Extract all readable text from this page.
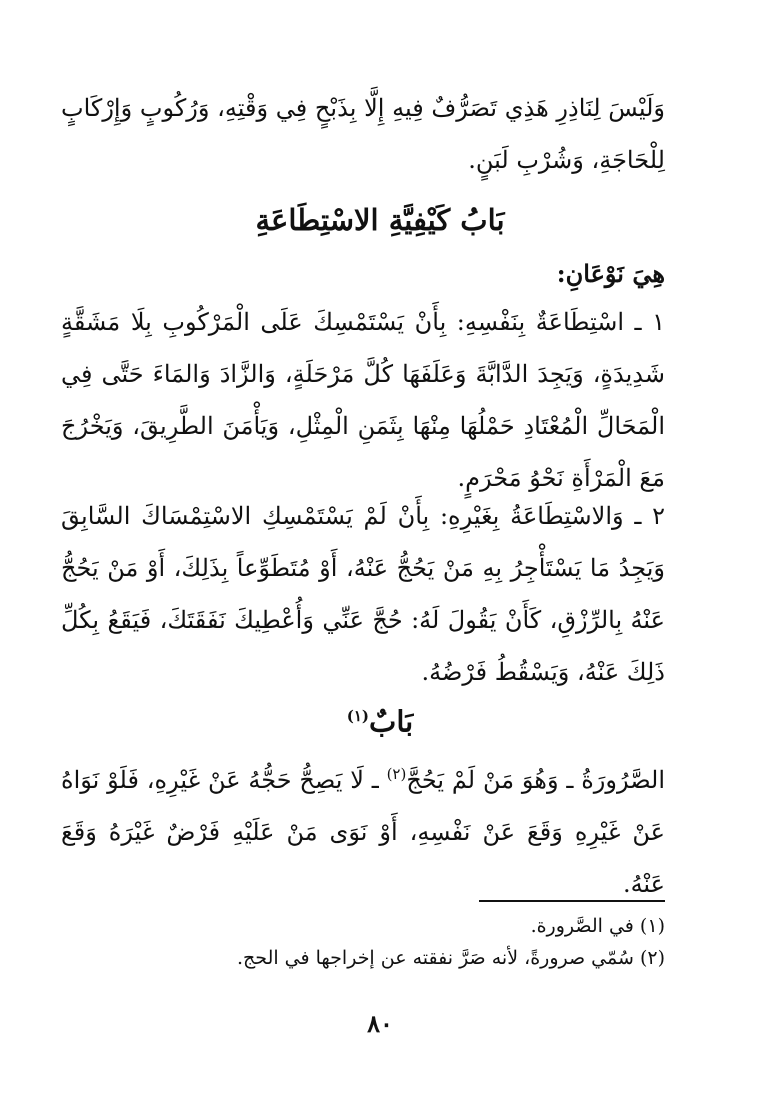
وَلَيْسَ لِنَاذِرِ هَذِي تَصَرُّفٌ فِيهِ إِلَّا بِذَبْحٍ فِي وَقْتِهِ، وَرُكُوبٍ وَإِرْكَابٍ لِلْحَاجَةِ، وَشُرْبِ لَبَنٍ.
بَابُ كَيْفِيَّةِ الاسْتِطَاعَةِ
هِيَ نَوْعَانِ:
١ ـ اسْتِطَاعَةٌ بِنَفْسِهِ: بِأَنْ يَسْتَمْسِكَ عَلَى الْمَرْكُوبِ بِلَا مَشَقَّةٍ شَدِيدَةٍ، وَيَجِدَ الدَّابَّةَ وَعَلَفَهَا كُلَّ مَرْحَلَةٍ، وَالزَّادَ وَالمَاءَ حَتَّى فِي الْمَحَالِّ الْمُعْتَادِ حَمْلُهَا مِنْهَا بِثَمَنِ الْمِثْلِ، وَيَأْمَنَ الطَّرِيقَ، وَيَخْرُجَ مَعَ الْمَرْأَةِ نَحْوُ مَحْرَمٍ.
٢ ـ وَالاسْتِطَاعَةُ بِغَيْرِهِ: بِأَنْ لَمْ يَسْتَمْسِكِ الاسْتِمْسَاكَ السَّابِقَ وَيَجِدُ مَا يَسْتَأْجِرُ بِهِ مَنْ يَحُجُّ عَنْهُ، أَوْ مُتَطَوِّعاً بِذَلِكَ، أَوْ مَنْ يَحُجُّ عَنْهُ بِالرِّزْقِ، كَأَنْ يَقُولَ لَهُ: حُجَّ عَنِّي وَأُعْطِيكَ نَفَقَتَكَ، فَيَقَعُ بِكُلِّ ذَلِكَ عَنْهُ، وَيَسْقُطُ فَرْضُهُ.
بَابٌ$^{(١)}$
الصَّرُورَةُ ـ وَهُوَ مَنْ لَمْ يَحُجَّ$^{(٢)}$ ـ لَا يَصِحُّ حَجُّهُ عَنْ غَيْرِهِ، فَلَوْ نَوَاهُ عَنْ غَيْرِهِ وَقَعَ عَنْ نَفْسِهِ، أَوْ نَوَى مَنْ عَلَيْهِ فَرْضٌ غَيْرَهُ وَقَعَ عَنْهُ.
(١) في الصَّرورة.
(٢) سُمّي صرورةً، لأنه صَرَّ نفقته عن إخراجها في الحج.
٨٠
